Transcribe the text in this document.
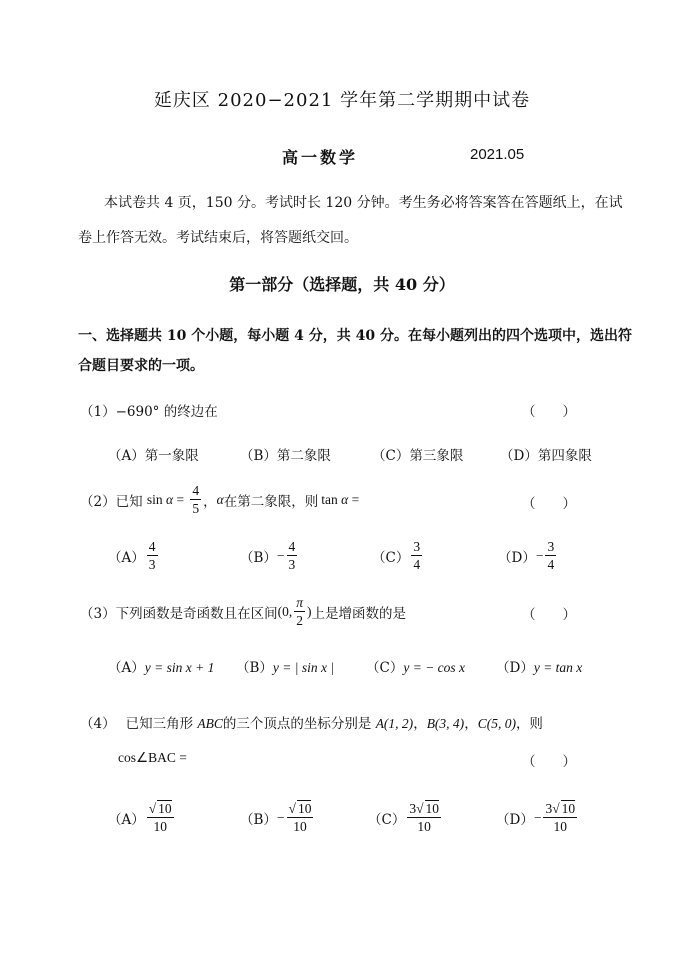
延庆区 2020−2021 学年第二学期期中试卷
高一数学	2021.05
本试卷共 4 页，150 分。考试时长 120 分钟。考生务必将答案答在答题纸上，在试
卷上作答无效。考试结束后，将答题纸交回。
第一部分（选择题，共 40 分）
一、选择题共 10 个小题，每小题 4 分，共 40 分。在每小题列出的四个选项中，选出符
合题目要求的一项。
（1）−690° 的终边在	（　　）
（A）第一象限	（B）第二象限	（C）第三象限	（D）第四象限
（2）已知 $\sin \alpha = \frac{4}{5}$ ，α在第二象限，则 tan α =	（　　）
$(A) \frac{4}{3}$	$(B)- \frac{4}{3}$	$(C) \frac{3}{4}$	$(D)- \frac{3}{4}$
（3）下列函数是奇函数且在区间(0, $\frac{\pi}{2}$ )上是增函数的是	（　　）
（A）y = sin x + 1 （B）y = | sin x | （C）y = − cos x （D）y = tan x
（4） 已知三角形 ABC的三个顶点的坐标分别是 A(1, 2)，B(3, 4)，C(5, 0)，则
cos∠BAC =	（　　）
$(A) \frac{√ 10}{10}$	$(B)- \frac{√ 10}{10}$	$(C) \frac{3√ 10}{10}$	$(D)- \frac{3√ 10}{10}$
